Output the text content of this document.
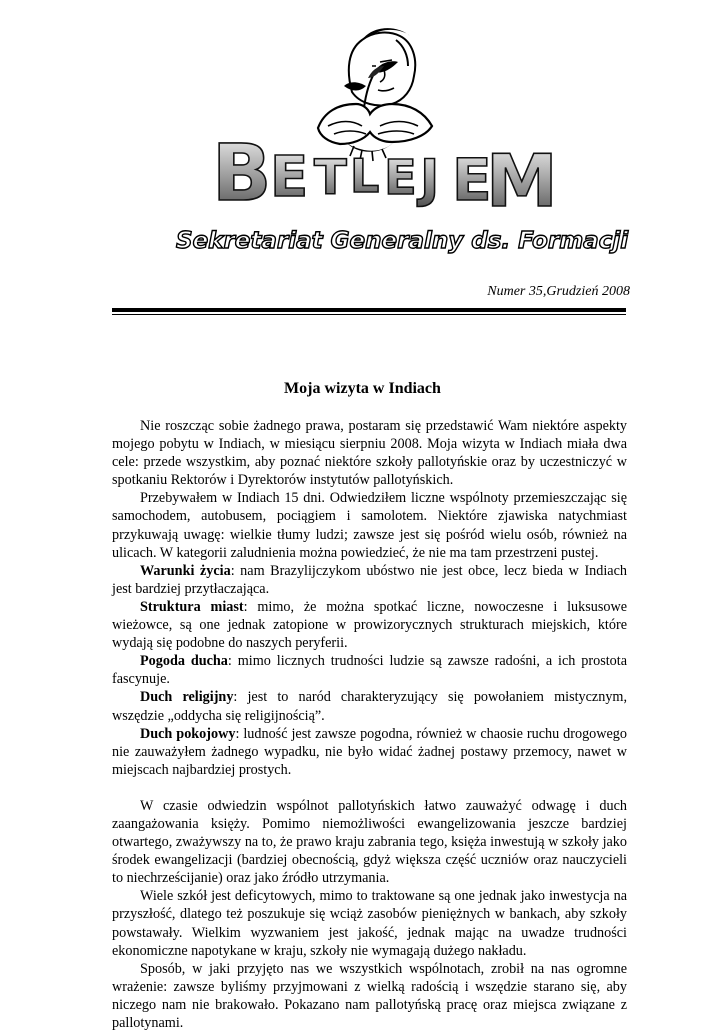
B
E T L E J E
M
Sekretariat Generalny ds. Formacji
Numer 35,Grudzień 2008
Moja wizyta w Indiach

Nie roszcząc sobie żadnego prawa, postaram się przedstawić Wam niektóre aspekty mojego pobytu w Indiach, w miesiącu sierpniu 2008. Moja wizyta w Indiach miała dwa cele: przede wszystkim, aby poznać niektóre szkoły pallotyńskie oraz by uczestniczyć w spotkaniu Rektorów i Dyrektorów instytutów pallotyńskich.

Przebywałem w Indiach 15 dni. Odwiedziłem liczne wspólnoty przemieszczając się samochodem, autobusem, pociągiem i samolotem. Niektóre zjawiska natychmiast przykuwają uwagę: wielkie tłumy ludzi; zawsze jest się pośród wielu osób, również na ulicach. W kategorii zaludnienia można powiedzieć, że nie ma tam przestrzeni pustej.

Warunki życia: nam Brazylijczykom ubóstwo nie jest obce, lecz bieda w Indiach jest bardziej przytłaczająca.

Struktura miast: mimo, że można spotkać liczne, nowoczesne i luksusowe wieżowce, są one jednak zatopione w prowizorycznych strukturach miejskich, które wydają się podobne do naszych peryferii.

Pogoda ducha: mimo licznych trudności ludzie są zawsze radośni, a ich prostota fascynuje.

Duch religijny: jest to naród charakteryzujący się powołaniem mistycznym, wszędzie „oddycha się religijnością”.

Duch pokojowy: ludność jest zawsze pogodna, również w chaosie ruchu drogowego nie zauważyłem żadnego wypadku, nie było widać żadnej postawy przemocy, nawet w miejscach najbardziej prostych.

W czasie odwiedzin wspólnot pallotyńskich łatwo zauważyć odwagę i duch zaangażowania księży. Pomimo niemożliwości ewangelizowania jeszcze bardziej otwartego, zważywszy na to, że prawo kraju zabrania tego, księża inwestują w szkoły jako środek ewangelizacji (bardziej obecnością, gdyż większa część uczniów oraz nauczycieli to niechrześcijanie) oraz jako źródło utrzymania.

Wiele szkół jest deficytowych, mimo to traktowane są one jednak jako inwestycja na przyszłość, dlatego też poszukuje się wciąż zasobów pieniężnych w bankach, aby szkoły powstawały. Wielkim wyzwaniem jest jakość, jednak mając na uwadze trudności ekonomiczne napotykane w kraju, szkoły nie wymagają dużego nakładu.

Sposób, w jaki przyjęto nas we wszystkich wspólnotach, zrobił na nas ogromne wrażenie: zawsze byliśmy przyjmowani z wielką radością i wszędzie starano się, aby niczego nam nie brakowało. Pokazano nam pallotyńską pracę oraz miejsca związane z pallotynami.
